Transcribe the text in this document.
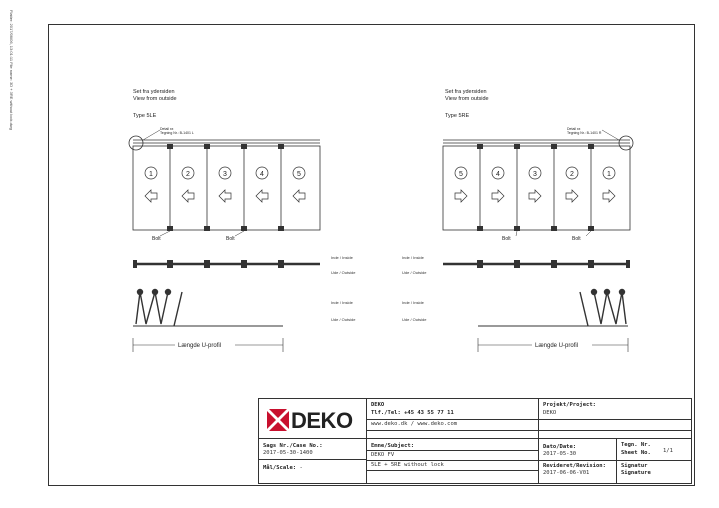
Flatter: 2017/06/06, 13:01:11 File name: 3D + 3RE without lock.dwg	Set fra ydersiden
View from outside
Type 5LE
Detail xx
Tegning Nr.: B-1401 L
Set fra ydersiden
View from outside
Type 5RE
Detail xx
Tegning Nr.: B-1401 R
1	2	3	4	5
Bolt	Bolt
Længde U-profil
5	4	3	2	1
Bolt	Bolt
Længde U-profil
Inde / Inside
Ude / Outside
Inde / Inside
Ude / Outside
Inde / Inside
Ude / Outside
Inde / Inside
Ude / Outside
DEKO
DEKO
Tlf./Tel: +45 43 55 77 11
www.deko.dk / www.deko.com
Projekt/Project:
DEKO
Sags Nr./Case No.:
2017-05-30-1400
Mål/Scale: -
Emne/Subject:
DEKO FV
5LE + 5RE without lock
Dato/Date:
2017-05-30
Revideret/Revision:
2017-06-06-V01
Tegn. Nr.
Sheet No. 1/1
Signatur
Signature
